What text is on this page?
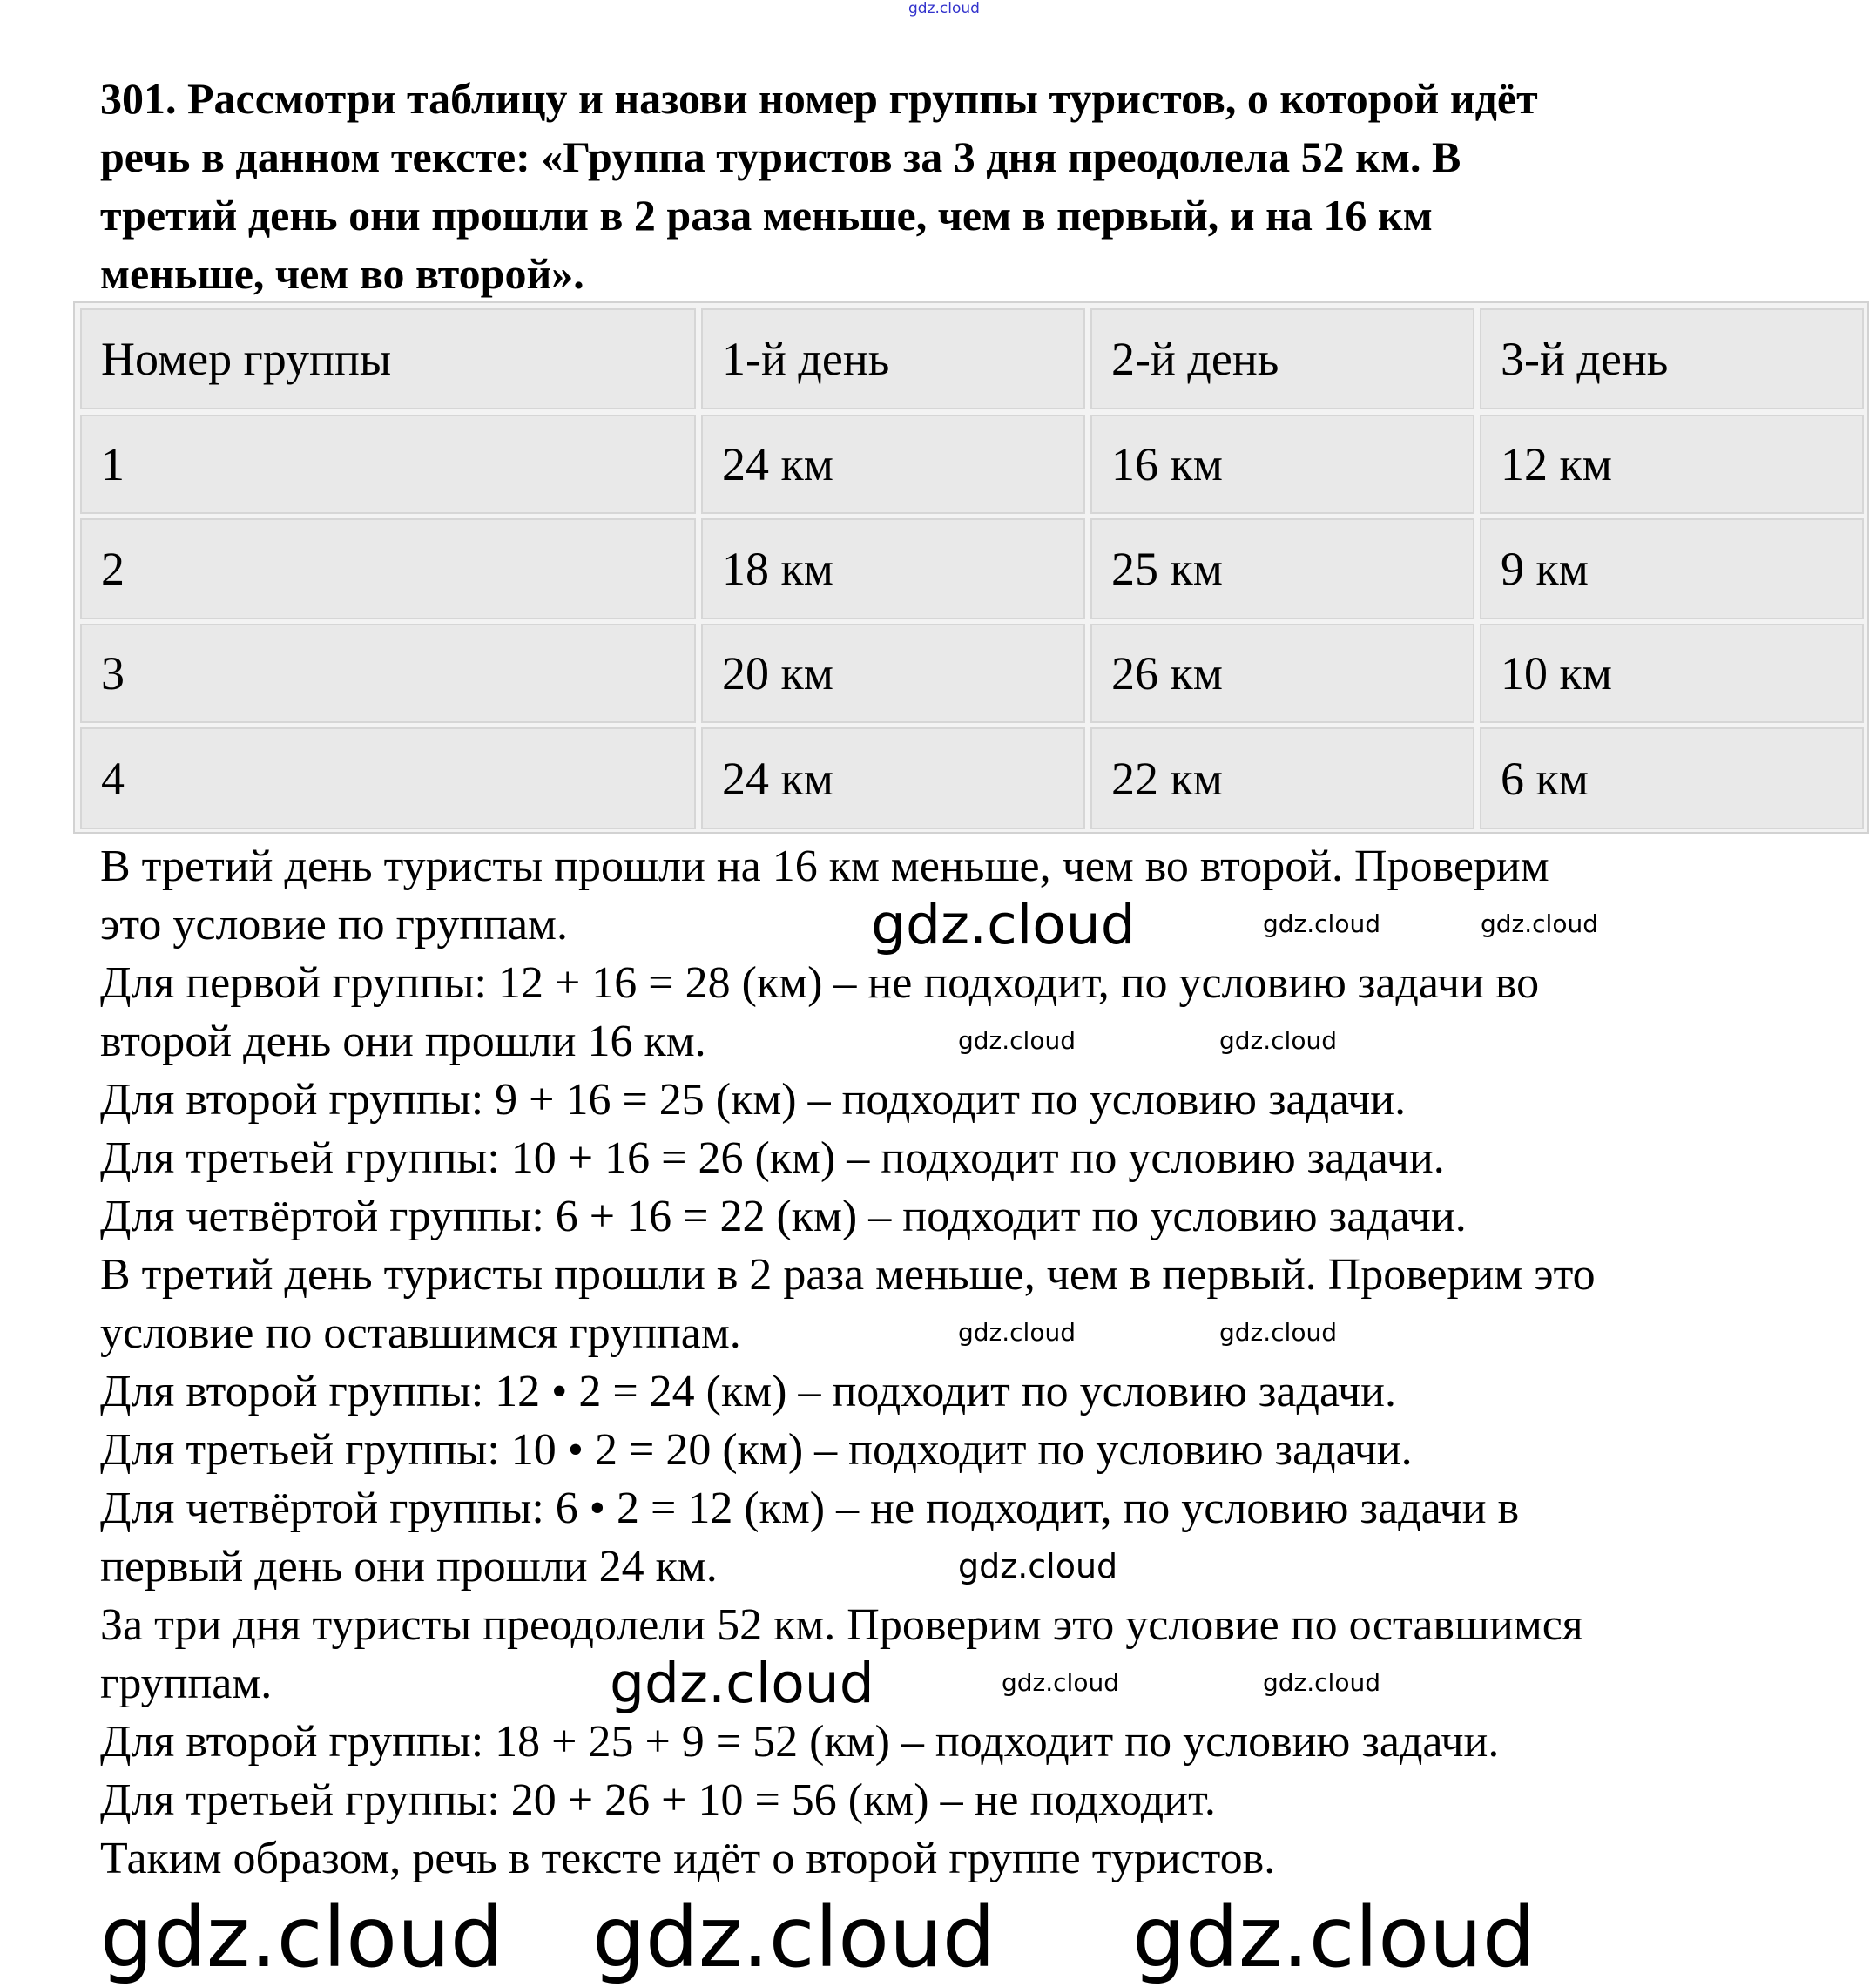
301. Рассмотри таблицу и назови номер группы туристов, о которой идёт
речь в данном тексте: «Группа туристов за 3 дня преодолела 52 км. В
третий день они прошли в 2 раза меньше, чем в первый, и на 16 км
меньше, чем во второй».
Номер группы	1-й день	2-й день	3-й день
1	24 км	16 км	12 км
2	18 км	25 км	9 км
3	20 км	26 км	10 км
4	24 км	22 км	6 км
В третий день туристы прошли на 16 км меньше, чем во второй. Проверим
это условие по группам.
Для первой группы: 12 + 16 = 28 (км) – не подходит, по условию задачи во
второй день они прошли 16 км.
Для второй группы: 9 + 16 = 25 (км) – подходит по условию задачи.
Для третьей группы: 10 + 16 = 26 (км) – подходит по условию задачи.
Для четвёртой группы: 6 + 16 = 22 (км) – подходит по условию задачи.
В третий день туристы прошли в 2 раза меньше, чем в первый. Проверим это
условие по оставшимся группам.
Для второй группы: 12 • 2 = 24 (км) – подходит по условию задачи.
Для третьей группы: 10 • 2 = 20 (км) – подходит по условию задачи.
Для четвёртой группы: 6 • 2 = 12 (км) – не подходит, по условию задачи в
первый день они прошли 24 км.
За три дня туристы преодолели 52 км. Проверим это условие по оставшимся
группам.
Для второй группы: 18 + 25 + 9 = 52 (км) – подходит по условию задачи.
Для третьей группы: 20 + 26 + 10 = 56 (км) – не подходит.
Таким образом, речь в тексте идёт о второй группе туристов.
gdz.cloud
gdz.cloud gdz.cloud gdz.cloud
gdz.cloud
gdz.cloud
gdz.cloud
gdz.cloud	gdz.cloud
gdz.cloud	gdz.cloud
gdz.cloud	gdz.cloud
gdz.cloud	gdz.cloud
